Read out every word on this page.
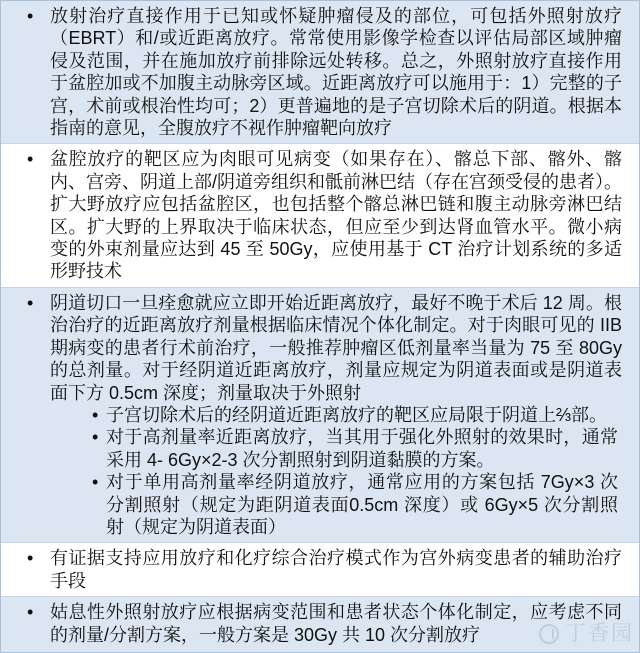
• 放射治疗直接作用于已知或怀疑肿瘤侵及的部位，可包括外照射放疗（EBRT）和/或近距离放疗。常常使用影像学检查以评估局部区域肿瘤侵及范围，并在施加放疗前排除远处转移。总之，外照射放疗直接作用于盆腔加或不加腹主动脉旁区域。近距离放疗可以施用于：1）完整的子宫，术前或根治性均可；2）更普遍地的是子宫切除术后的阴道。根据本指南的意见，全腹放疗不视作肿瘤靶向放疗

• 盆腔放疗的靶区应为肉眼可见病变（如果存在）、髂总下部、髂外、髂内、宫旁、阴道上部/阴道旁组织和骶前淋巴结（存在宫颈受侵的患者）。扩大野放疗应包括盆腔区，也包括整个髂总淋巴链和腹主动脉旁淋巴结区。扩大野的上界取决于临床状态，但应至少到达肾血管水平。微小病变的外束剂量应达到 45 至 50Gy，应使用基于 CT 治疗计划系统的多适形野技术

• 阴道切口一旦痊愈就应立即开始近距离放疗，最好不晚于术后 12 周。根治治疗的近距离放疗剂量根据临床情况个体化制定。对于肉眼可见的 IIB 期病变的患者行术前治疗，一般推荐肿瘤区低剂量率当量为 75 至 80Gy 的总剂量。对于经阴道近距离放疗，剂量应规定为阴道表面或是阴道表面下方 0.5cm 深度；剂量取决于外照射

• 子宫切除术后的经阴道近距离放疗的靶区应局限于阴道上⅔部。

• 对于高剂量率近距离放疗，当其用于强化外照射的效果时，通常采用 4- 6Gy×2-3 次分割照射到阴道黏膜的方案。

• 对于单用高剂量率经阴道放疗，通常应用的方案包括 7Gy×3 次分割照射（规定为距阴道表面0.5cm 深度）或 6Gy×5 次分割照射（规定为阴道表面）

• 有证据支持应用放疗和化疗综合治疗模式作为宫外病变患者的辅助治疗手段

• 姑息性外照射放疗应根据病变范围和患者状态个体化制定，应考虑不同的剂量/分割方案，一般方案是 30Gy 共 10 次分割放疗	丁香园
